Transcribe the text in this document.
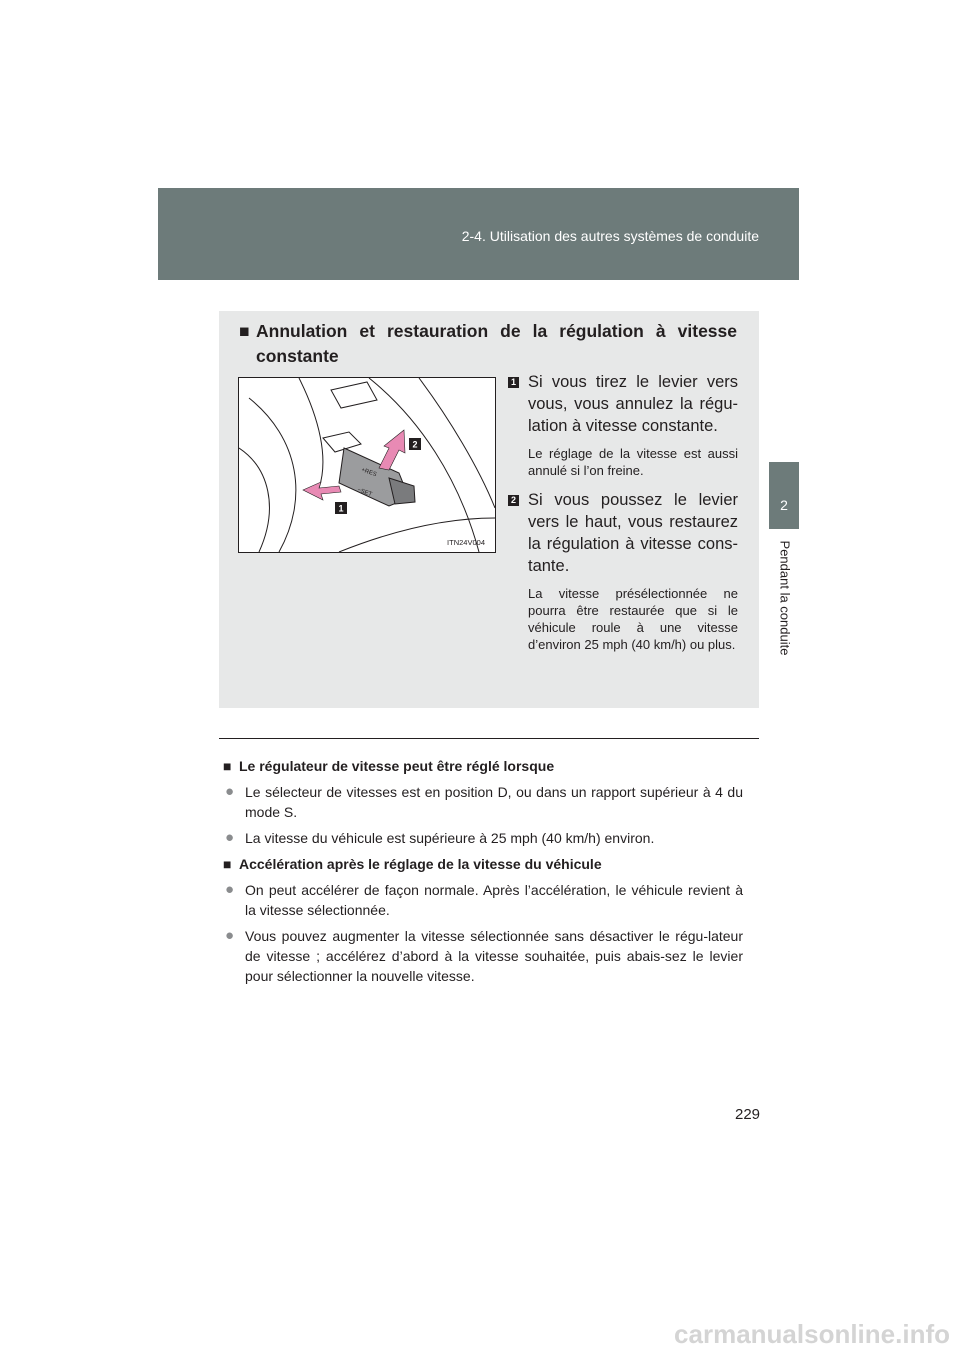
2-4. Utilisation des autres systèmes de conduite
2
Pendant la conduite
■ Annulation et restauration de la régulation à vitesse
constante
+RES
−SET
2
1
ITN24V004
1 Si vous tirez le levier vers vous, vous annulez la régu-lation à vitesse constante.
Le réglage de la vitesse est aussi annulé si l’on freine.
2 Si vous poussez le levier vers le haut, vous restaurez la régulation à vitesse cons-tante.
La vitesse présélectionnée ne pourra être restaurée que si le véhicule roule à une vitesse d’environ 25 mph (40 km/h) ou plus.
■ Le régulateur de vitesse peut être réglé lorsque
● Le sélecteur de vitesses est en position D, ou dans un rapport supérieur à 4 du mode S.
● La vitesse du véhicule est supérieure à 25 mph (40 km/h) environ.
■ Accélération après le réglage de la vitesse du véhicule
● On peut accélérer de façon normale. Après l’accélération, le véhicule revient à la vitesse sélectionnée.
● Vous pouvez augmenter la vitesse sélectionnée sans désactiver le régu-lateur de vitesse ; accélérez d’abord à la vitesse souhaitée, puis abais-sez le levier pour sélectionner la nouvelle vitesse.
229
carmanualsonline.info
